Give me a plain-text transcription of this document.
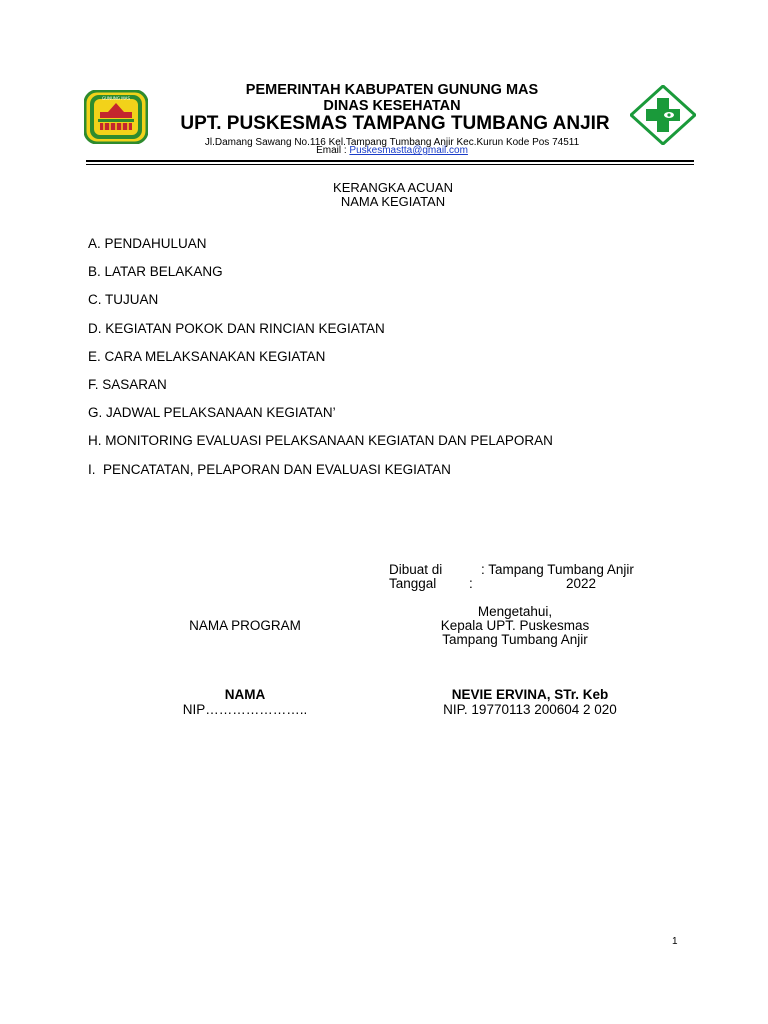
GUNUNG MAS
PEMERINTAH KABUPATEN GUNUNG MAS
DINAS KESEHATAN
UPT. PUSKESMAS TAMPANG TUMBANG ANJIR
Jl.Damang Sawang No.116 Kel.Tampang Tumbang Anjir Kec.Kurun Kode Pos 74511
Email : Puskesmastta@gmail.com
KERANGKA ACUAN
NAMA KEGIATAN
A. PENDAHULUAN
B. LATAR BELAKANG
C. TUJUAN
D. KEGIATAN POKOK DAN RINCIAN KEGIATAN
E. CARA MELAKSANAKAN KEGIATAN
F. SASARAN
G. JADWAL PELAKSANAAN KEGIATAN’
H. MONITORING EVALUASI PELAKSANAAN KEGIATAN DAN PELAPORAN
I. PENCATATAN, PELAPORAN DAN EVALUASI KEGIATAN
Dibuat di	: Tampang Tumbang Anjir
Tanggal :	2022
Mengetahui,
Kepala UPT. Puskesmas
Tampang Tumbang Anjir
NAMA PROGRAM
NAMA
NIP…………………..
NEVIE ERVINA, STr. Keb
NIP. 19770113 200604 2 020
1
